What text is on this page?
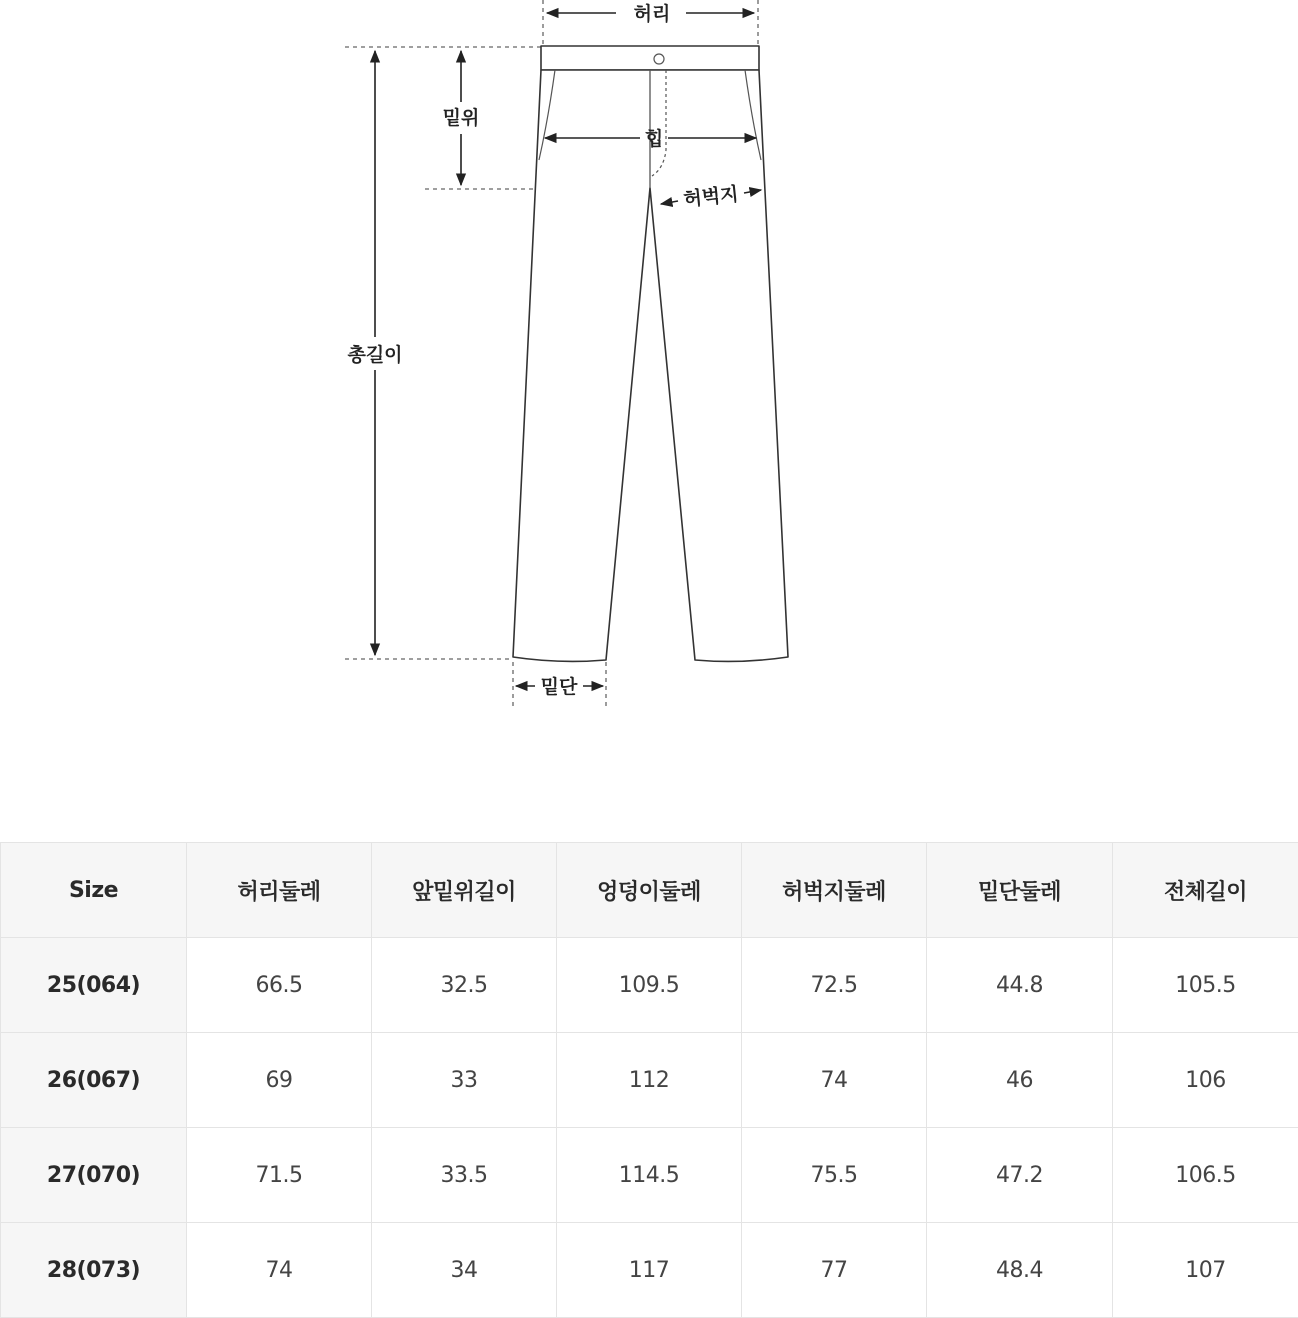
허리
밑위
힙
허벅지
총길이
밑단
Size	허리둘레	앞밑위길이	엉덩이둘레	허벅지둘레	밑단둘레	전체길이
25(064)	66.5	32.5	109.5	72.5	44.8	105.5
26(067)	69	33	112	74	46	106
27(070)	71.5	33.5	114.5	75.5	47.2	106.5
28(073)	74	34	117	77	48.4	107
